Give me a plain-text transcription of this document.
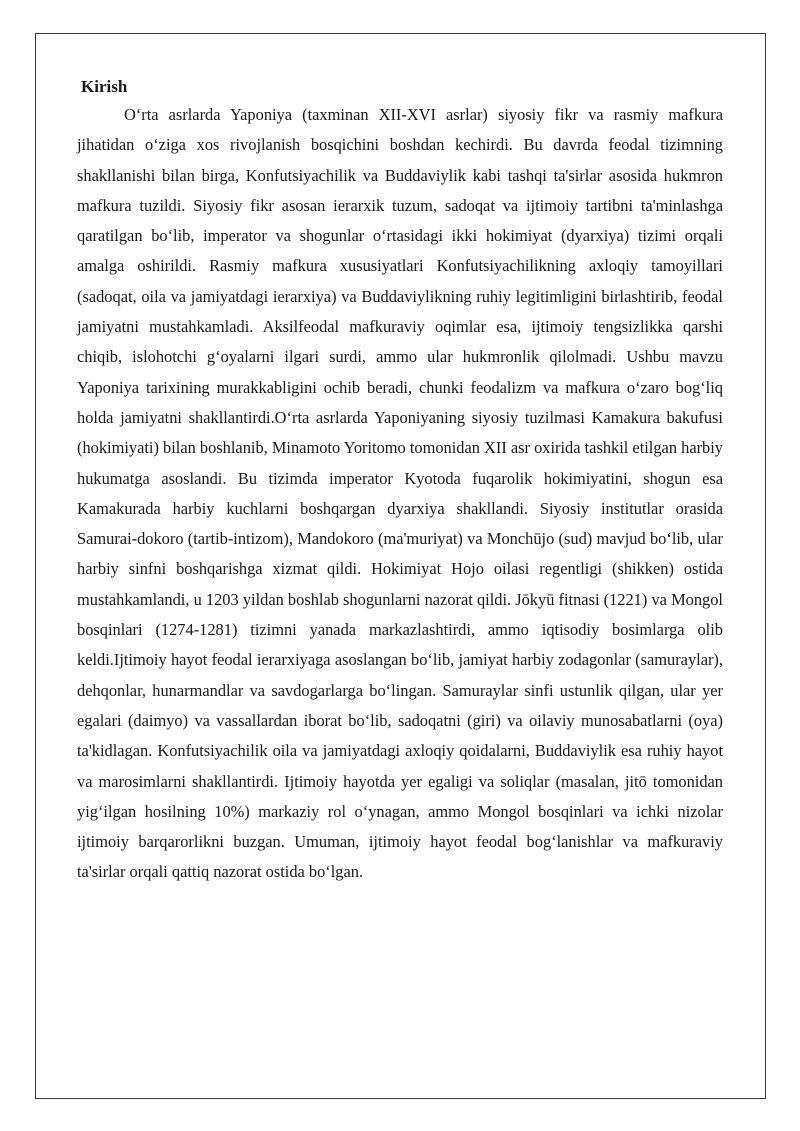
Kirish

O‘rta asrlarda Yaponiya (taxminan XII-XVI asrlar) siyosiy fikr va rasmiy mafkura jihatidan o‘ziga xos rivojlanish bosqichini boshdan kechirdi. Bu davrda feodal tizimning shakllanishi bilan birga, Konfutsiyachilik va Buddaviylik kabi tashqi ta'sirlar asosida hukmron mafkura tuzildi. Siyosiy fikr asosan ierarxik tuzum, sadoqat va ijtimoiy tartibni ta'minlashga qaratilgan bo‘lib, imperator va shogunlar o‘rtasidagi ikki hokimiyat (dyarxiya) tizimi orqali amalga oshirildi. Rasmiy mafkura xususiyatlari Konfutsiyachilikning axloqiy tamoyillari (sadoqat, oila va jamiyatdagi ierarxiya) va Buddaviylikning ruhiy legitimligini birlashtirib, feodal jamiyatni mustahkamladi. Aksilfeodal mafkuraviy oqimlar esa, ijtimoiy tengsizlikka qarshi chiqib, islohotchi g‘oyalarni ilgari surdi, ammo ular hukmronlik qilolmadi. Ushbu mavzu Yaponiya tarixining murakkabligini ochib beradi, chunki feodalizm va mafkura o‘zaro bog‘liq holda jamiyatni shakllantirdi.O‘rta asrlarda Yaponiyaning siyosiy tuzilmasi Kamakura bakufusi (hokimiyati) bilan boshlanib, Minamoto Yoritomo tomonidan XII asr oxirida tashkil etilgan harbiy hukumatga asoslandi. Bu tizimda imperator Kyotoda fuqarolik hokimiyatini, shogun esa Kamakurada harbiy kuchlarni boshqargan dyarxiya shakllandi. Siyosiy institutlar orasida Samurai-dokoro (tartib-intizom), Mandokoro (ma'muriyat) va Monchūjo (sud) mavjud bo‘lib, ular harbiy sinfni boshqarishga xizmat qildi. Hokimiyat Hojo oilasi regentligi (shikken) ostida mustahkamlandi, u 1203 yildan boshlab shogunlarni nazorat qildi. Jōkyū fitnasi (1221) va Mongol bosqinlari (1274-1281) tizimni yanada markazlashtirdi, ammo iqtisodiy bosimlarga olib keldi.Ijtimoiy hayot feodal ierarxiyaga asoslangan bo‘lib, jamiyat harbiy zodagonlar (samuraylar), dehqonlar, hunarmandlar va savdogarlarga bo‘lingan. Samuraylar sinfi ustunlik qilgan, ular yer egalari (daimyo) va vassallardan iborat bo‘lib, sadoqatni (giri) va oilaviy munosabatlarni (oya) ta'kidlagan. Konfutsiyachilik oila va jamiyatdagi axloqiy qoidalarni, Buddaviylik esa ruhiy hayot va marosimlarni shakllantirdi. Ijtimoiy hayotda yer egaligi va soliqlar (masalan, jitō tomonidan yig‘ilgan hosilning 10%) markaziy rol o‘ynagan, ammo Mongol bosqinlari va ichki nizolar ijtimoiy barqarorlikni buzgan. Umuman, ijtimoiy hayot feodal bog‘lanishlar va mafkuraviy ta'sirlar orqali qattiq nazorat ostida bo‘lgan.
